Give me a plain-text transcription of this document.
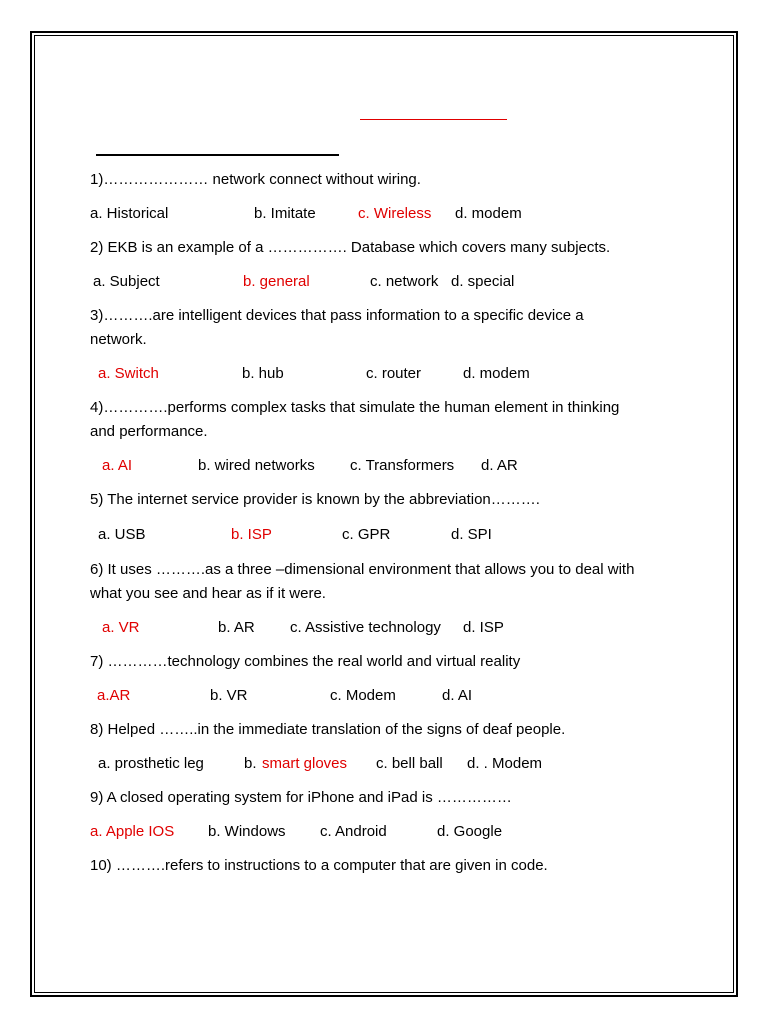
1)………………… network connect without wiring.
a. Historical	b. Imitate	c. Wireless d. modem
2) EKB is an example of a ……………. Database which covers many subjects.
a. Subject	b. general	c. network d. special
3)……….are intelligent devices that pass information to a specific device a
network.
a. Switch	b. hub	c. router	d. modem
4)………….performs complex tasks that simulate the human element in thinking
and performance.
a. AI	b. wired networks c. Transformers d. AR
5) The internet service provider is known by the abbreviation……….
a. USB	b. ISP	c. GPR	d. SPI
6) It uses ……….as a three –dimensional environment that allows you to deal with
what you see and hear as if it were.
a. VR	b. AR c. Assistive technology d. ISP
7) …………technology combines the real world and virtual reality
a.AR	b. VR	c. Modem	d. AI
8) Helped ……..in the immediate translation of the signs of deaf people.
a. prosthetic leg	b. smart gloves c. bell ball d. . Modem
9) A closed operating system for iPhone and iPad is ……………
a. Apple IOS b. Windows c. Android	d. Google
10) ……….refers to instructions to a computer that are given in code.
